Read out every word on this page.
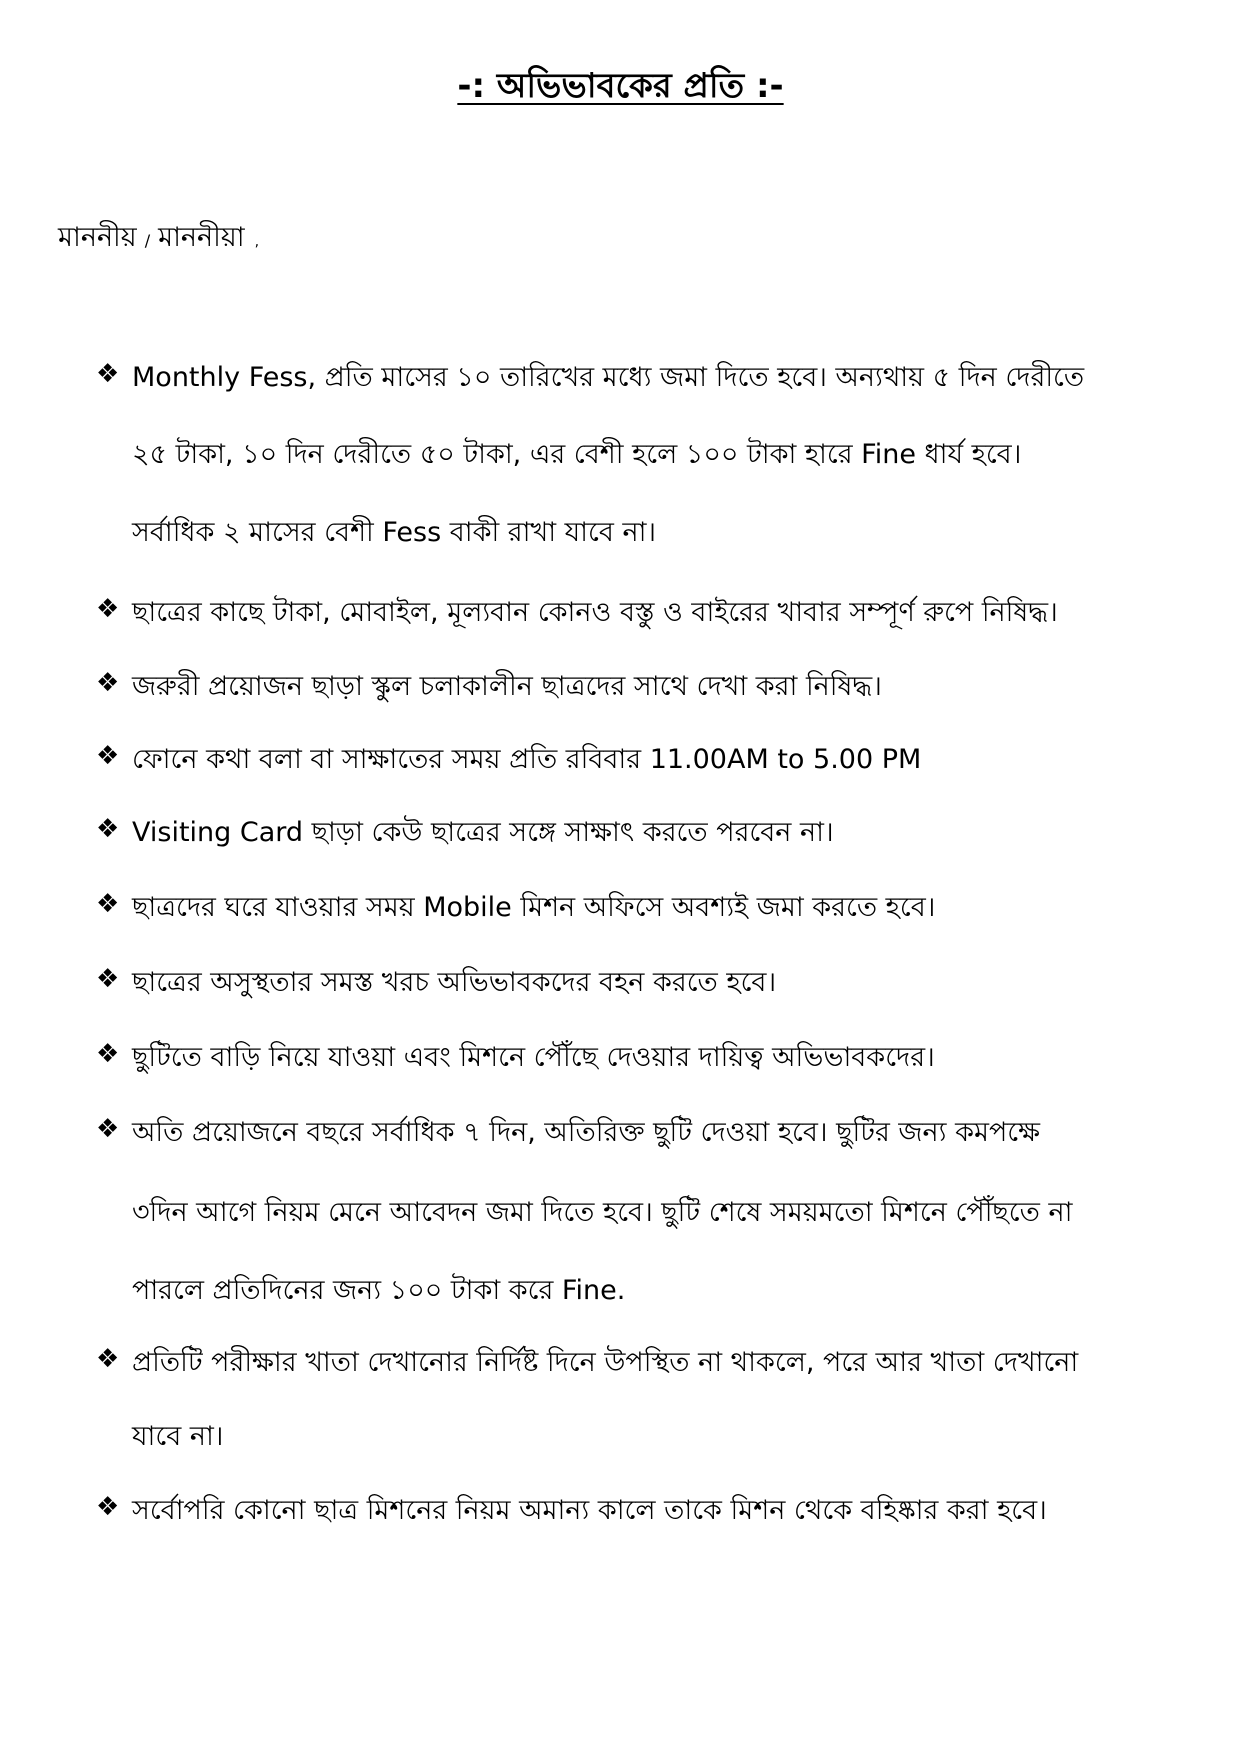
-: অভিভাবকের প্রতি :-
মাননীয় / মাননীয়া ,
❖ Monthly Fess, প্রতি মাসের ১০ তারিখের মধ্যে জমা দিতে হবে। অন্যথায় ৫ দিন দেরীতে
২৫ টাকা, ১০ দিন দেরীতে ৫০ টাকা, এর বেশী হলে ১০০ টাকা হারে Fine ধার্য হবে।
সর্বাধিক ২ মাসের বেশী Fess বাকী রাখা যাবে না।
❖ ছাত্রের কাছে টাকা, মোবাইল, মূল্যবান কোনও বস্তু ও বাইরের খাবার সম্পূর্ণ রুপে নিষিদ্ধ।
❖ জরুরী প্রয়োজন ছাড়া স্কুল চলাকালীন ছাত্রদের সাথে দেখা করা নিষিদ্ধ।
❖ ফোনে কথা বলা বা সাক্ষাতের সময় প্রতি রবিবার 11.00AM to 5.00 PM
❖ Visiting Card ছাড়া কেউ ছাত্রের সঙ্গে সাক্ষাৎ করতে পরবেন না।
❖ ছাত্রদের ঘরে যাওয়ার সময় Mobile মিশন অফিসে অবশ্যই জমা করতে হবে।
❖ ছাত্রের অসুস্থতার সমস্ত খরচ অভিভাবকদের বহন করতে হবে।
❖ ছুটিতে বাড়ি নিয়ে যাওয়া এবং মিশনে পৌঁছে দেওয়ার দায়িত্ব অভিভাবকদের।
❖ অতি প্রয়োজনে বছরে সর্বাধিক ৭ দিন, অতিরিক্ত ছুটি দেওয়া হবে। ছুটির জন্য কমপক্ষে
৩দিন আগে নিয়ম মেনে আবেদন জমা দিতে হবে। ছুটি শেষে সময়মতো মিশনে পৌঁছতে না
পারলে প্রতিদিনের জন্য ১০০ টাকা করে Fine.
❖ প্রতিটি পরীক্ষার খাতা দেখানোর নির্দিষ্ট দিনে উপস্থিত না থাকলে, পরে আর খাতা দেখানো
যাবে না।
❖ সর্বোপরি কোনো ছাত্র মিশনের নিয়ম অমান্য কালে তাকে মিশন থেকে বহিষ্কার করা হবে।
